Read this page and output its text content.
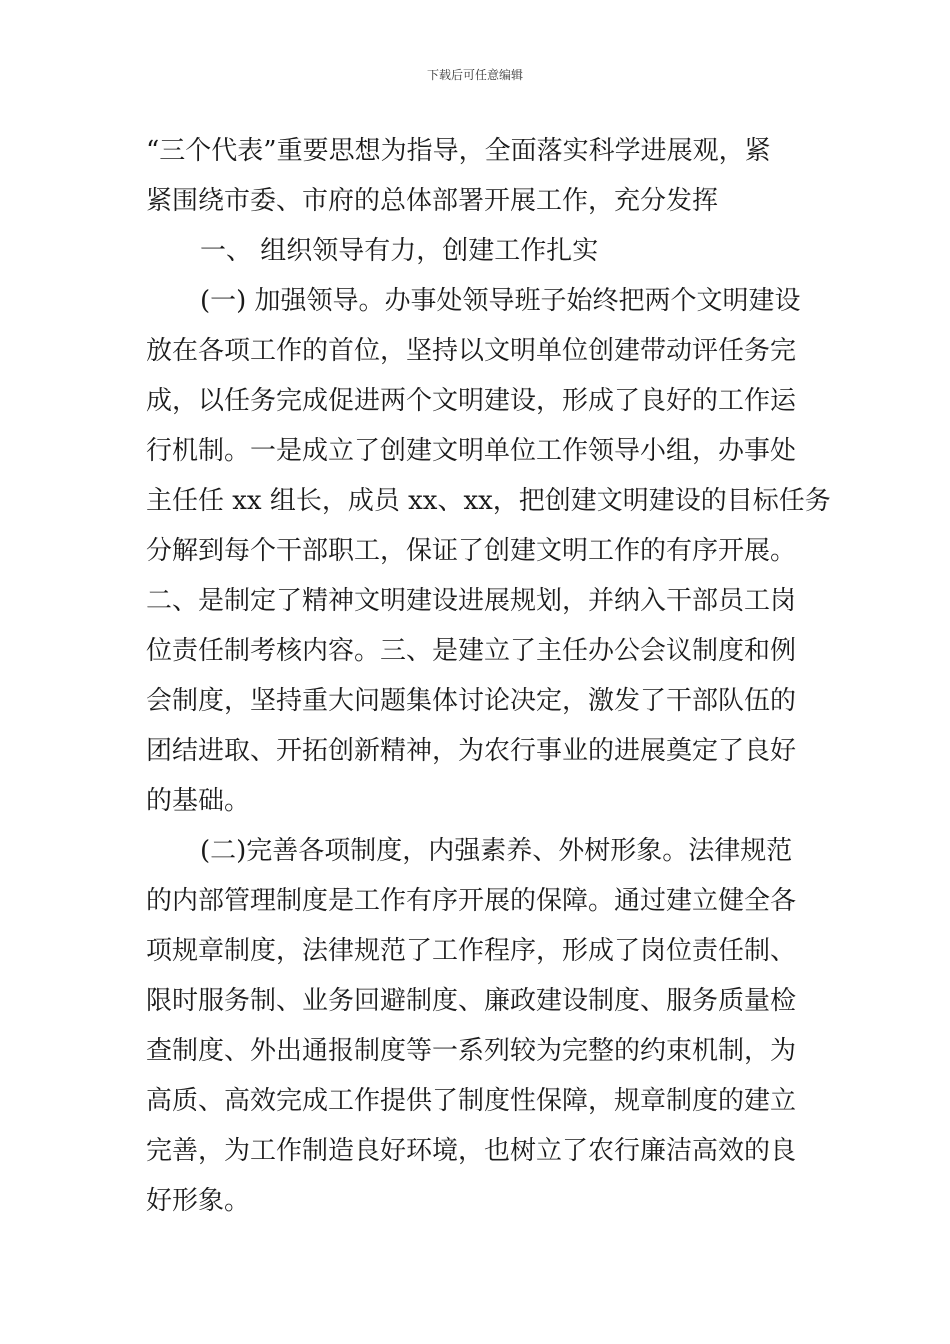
下载后可任意编辑
“三个代表”重要思想为指导，全面落实科学进展观，紧
紧围绕市委、市府的总体部署开展工作，充分发挥
一、 组织领导有力，创建工作扎实
(一) 加强领导。办事处领导班子始终把两个文明建设
放在各项工作的首位，坚持以文明单位创建带动评任务完
成，以任务完成促进两个文明建设，形成了良好的工作运
行机制。一是成立了创建文明单位工作领导小组，办事处
主任任 xx 组长，成员 xx、xx，把创建文明建设的目标任务
分解到每个干部职工，保证了创建文明工作的有序开展。
二、是制定了精神文明建设进展规划，并纳入干部员工岗
位责任制考核内容。三、是建立了主任办公会议制度和例
会制度，坚持重大问题集体讨论决定，激发了干部队伍的
团结进取、开拓创新精神，为农行事业的进展奠定了良好
的基础。
(二)完善各项制度，内强素养、外树形象。法律规范
的内部管理制度是工作有序开展的保障。通过建立健全各
项规章制度，法律规范了工作程序，形成了岗位责任制、
限时服务制、业务回避制度、廉政建设制度、服务质量检
查制度、外出通报制度等一系列较为完整的约束机制，为
高质、高效完成工作提供了制度性保障，规章制度的建立
完善，为工作制造良好环境，也树立了农行廉洁高效的良
好形象。
